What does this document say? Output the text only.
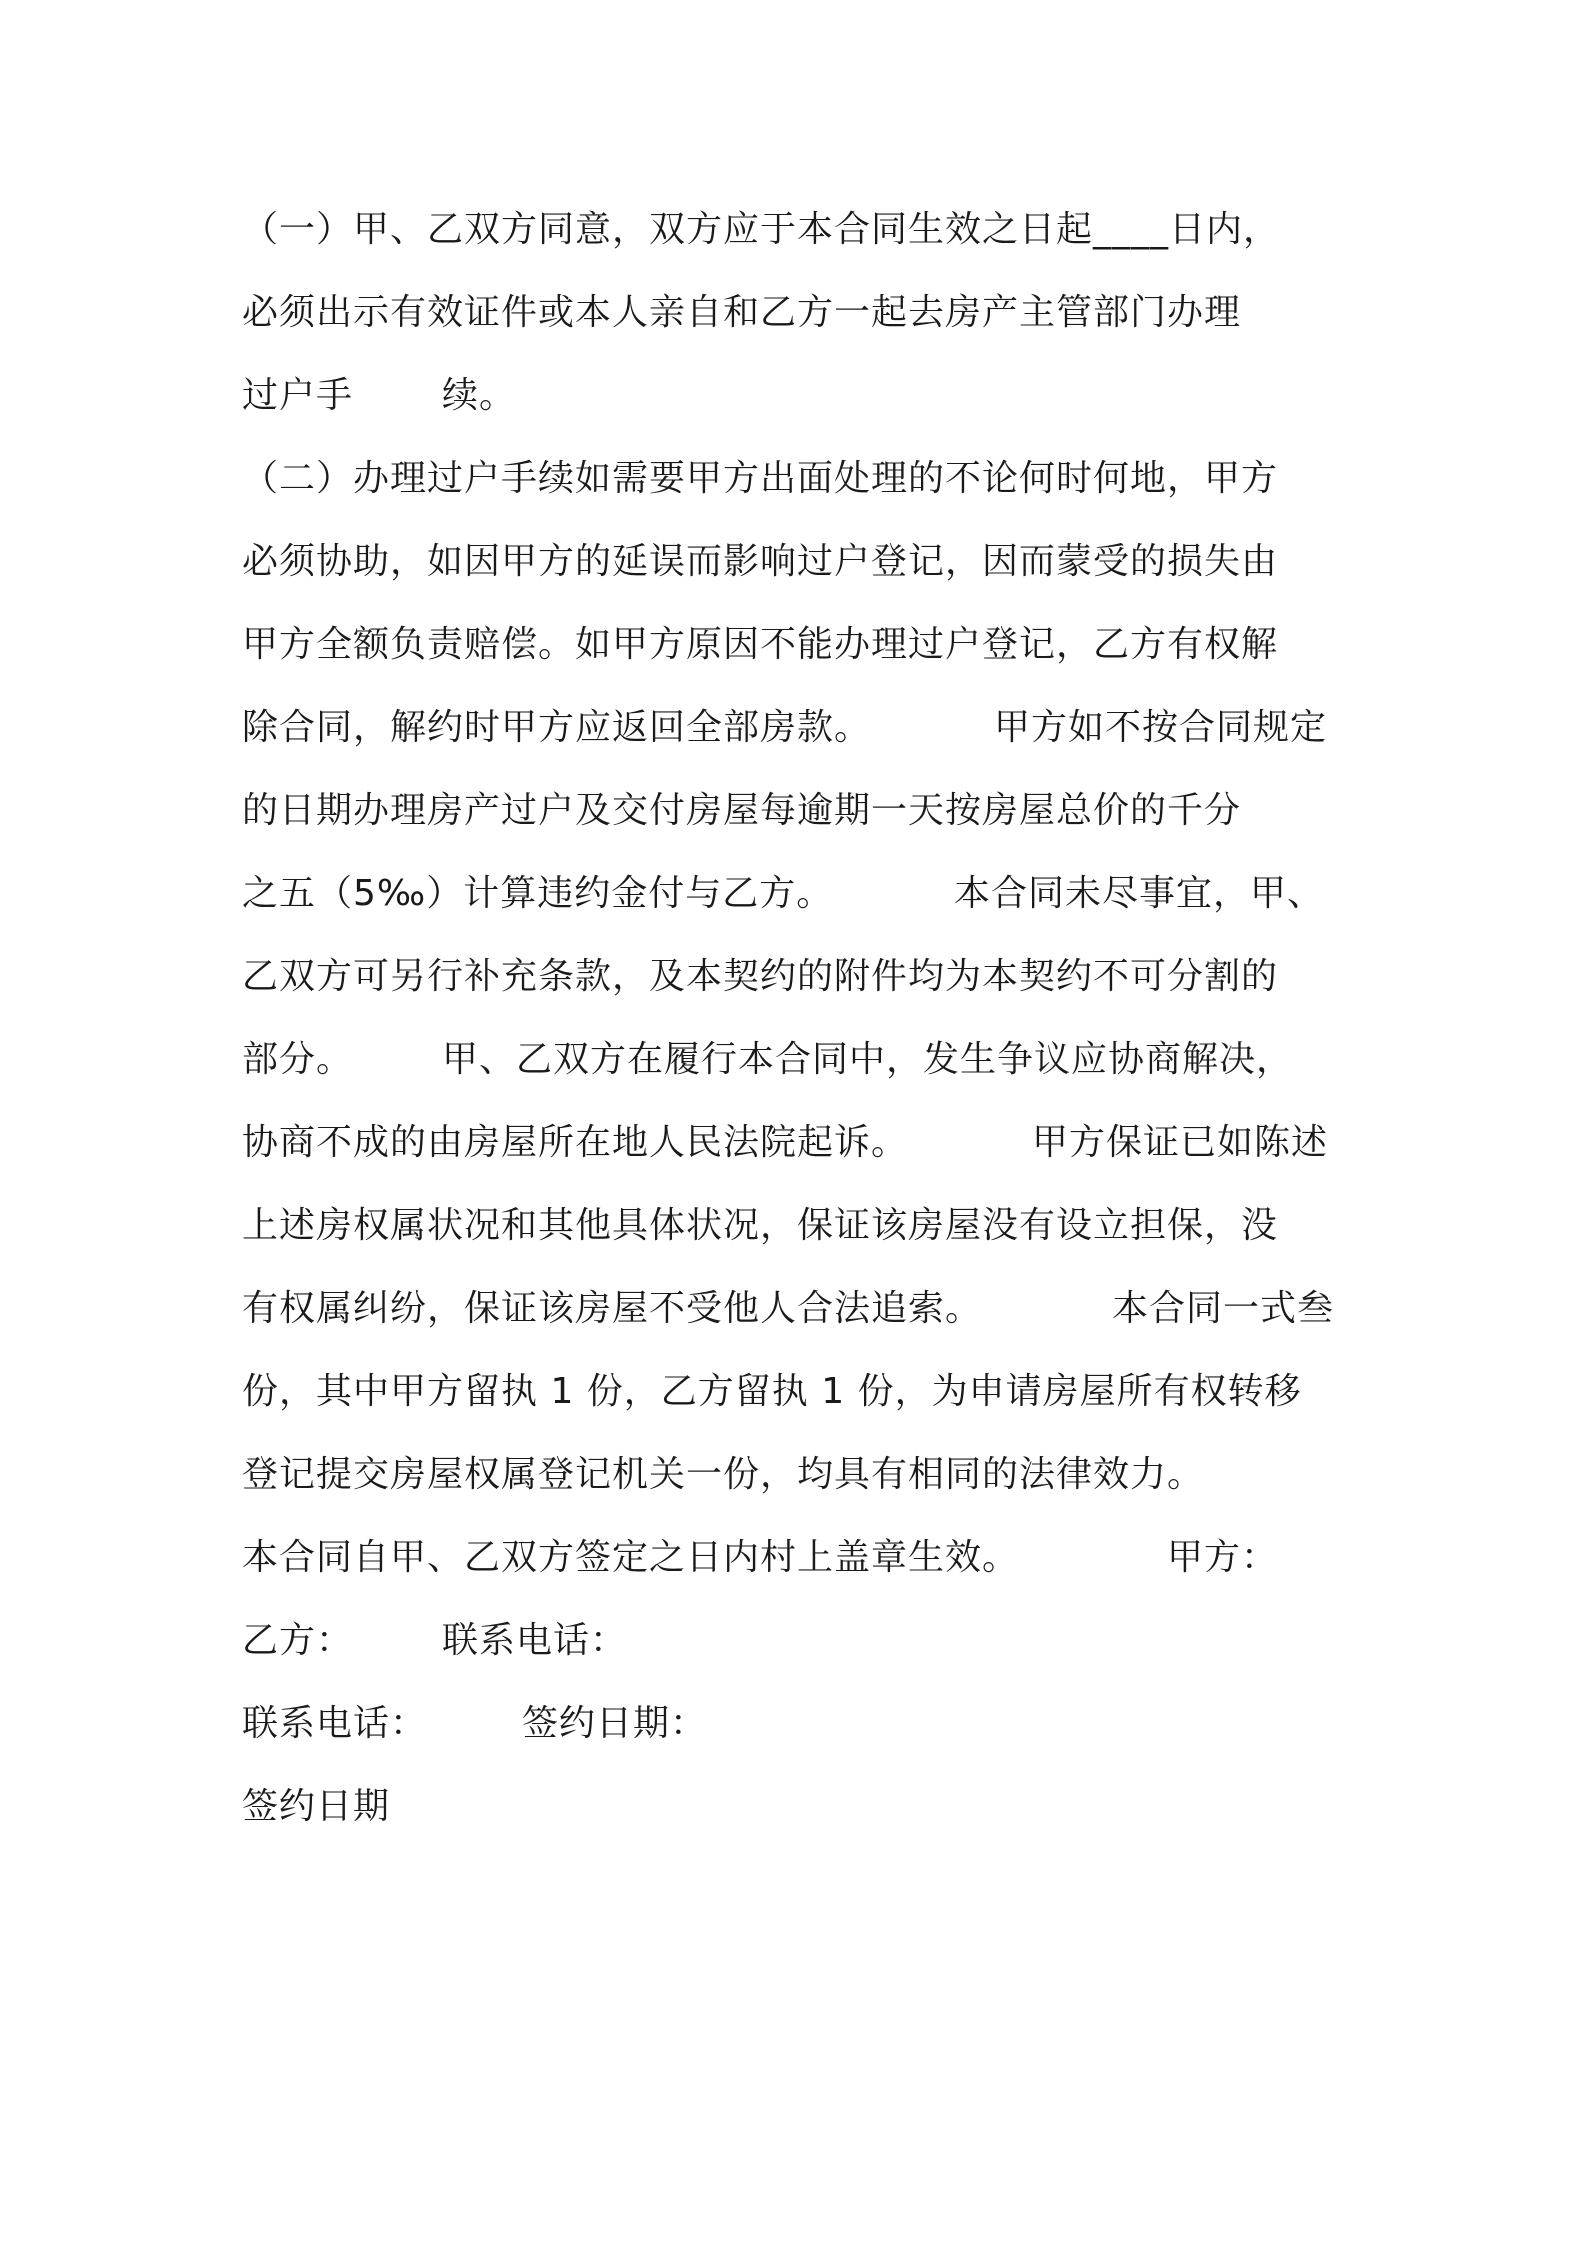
（一）甲、乙双方同意，双方应于本合同生效之日起____日内，
必须出示有效证件或本人亲自和乙方一起去房产主管部门办理
过户手 续。
（二）办理过户手续如需要甲方出面处理的不论何时何地，甲方
必须协助，如因甲方的延误而影响过户登记，因而蒙受的损失由
甲方全额负责赔偿。如甲方原因不能办理过户登记，乙方有权解
除合同，解约时甲方应返回全部房款。	甲方如不按合同规定
的日期办理房产过户及交付房屋每逾期一天按房屋总价的千分
之五（5‰）计算违约金付与乙方。	本合同未尽事宜，甲、
乙双方可另行补充条款，及本契约的附件均为本契约不可分割的
部分。 甲、乙双方在履行本合同中，发生争议应协商解决，
协商不成的由房屋所在地人民法院起诉。	甲方保证已如陈述
上述房权属状况和其他具体状况，保证该房屋没有设立担保，没
有权属纠纷，保证该房屋不受他人合法追索。	本合同一式叁
份，其中甲方留执 1 份，乙方留执 1 份，为申请房屋所有权转移
登记提交房屋权属登记机关一份，均具有相同的法律效力。
本合同自甲、乙双方签定之日内村上盖章生效。	甲方：
乙方： 联系电话：
联系电话：	签约日期：
签约日期
